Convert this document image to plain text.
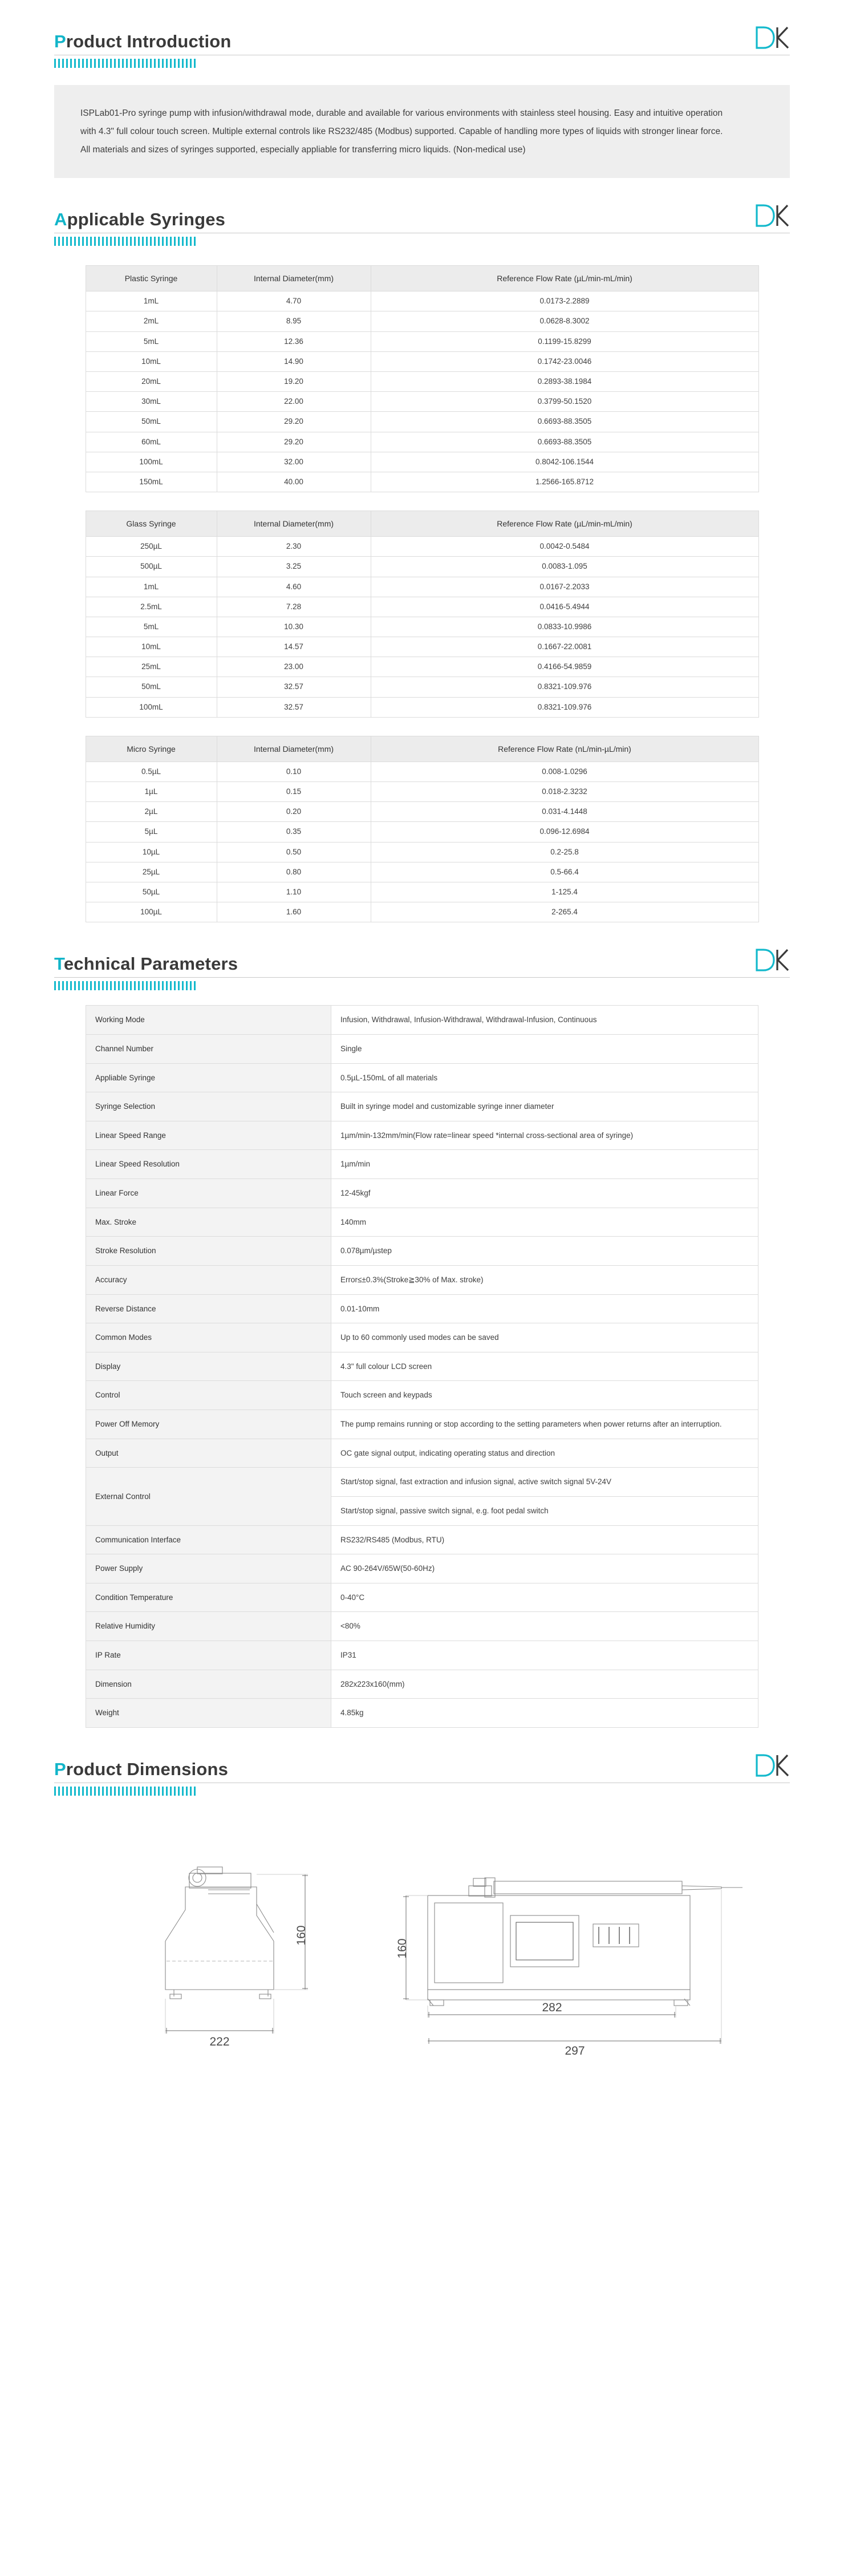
Product Introduction

ISPLab01-Pro syringe pump with infusion/withdrawal mode, durable and available for various environments with stainless steel housing. Easy and intuitive operation with 4.3" full colour touch screen. Multiple external controls like RS232/485 (Modbus) supported. Capable of handling more types of liquids with stronger linear force. All materials and sizes of syringes supported, especially appliable for transferring micro liquids. (Non-medical use)

Applicable Syringes
Plastic Syringe	Internal Diameter(mm)	Reference Flow Rate (µL/min-mL/min)
1mL	4.70	0.0173-2.2889
2mL	8.95	0.0628-8.3002
5mL	12.36	0.1199-15.8299
10mL	14.90	0.1742-23.0046
20mL	19.20	0.2893-38.1984
30mL	22.00	0.3799-50.1520
50mL	29.20	0.6693-88.3505
60mL	29.20	0.6693-88.3505
100mL	32.00	0.8042-106.1544
150mL	40.00	1.2566-165.8712
Glass Syringe	Internal Diameter(mm)	Reference Flow Rate (µL/min-mL/min)
250µL	2.30	0.0042-0.5484
500µL	3.25	0.0083-1.095
1mL	4.60	0.0167-2.2033
2.5mL	7.28	0.0416-5.4944
5mL	10.30	0.0833-10.9986
10mL	14.57	0.1667-22.0081
25mL	23.00	0.4166-54.9859
50mL	32.57	0.8321-109.976
100mL	32.57	0.8321-109.976
Micro Syringe	Internal Diameter(mm)	Reference Flow Rate (nL/min-µL/min)
0.5µL	0.10	0.008-1.0296
1µL	0.15	0.018-2.3232
2µL	0.20	0.031-4.1448
5µL	0.35	0.096-12.6984
10µL	0.50	0.2-25.8
25µL	0.80	0.5-66.4
50µL	1.10	1-125.4
100µL	1.60	2-265.4
Technical Parameters
Working Mode	Infusion, Withdrawal, Infusion-Withdrawal, Withdrawal-Infusion, Continuous
Channel Number	Single
Appliable Syringe	0.5µL-150mL of all materials
Syringe Selection	Built in syringe model and customizable syringe inner diameter
Linear Speed Range	1µm/min-132mm/min(Flow rate=linear speed *internal cross-sectional area of syringe)
Linear Speed Resolution	1µm/min
Linear Force	12-45kgf
Max. Stroke	140mm
Stroke Resolution	0.078µm/µstep
Accuracy	Error≤±0.3%(Stroke≧30% of Max. stroke)
Reverse Distance	0.01-10mm
Common Modes	Up to 60 commonly used modes can be saved
Display	4.3" full colour LCD screen
Control	Touch screen and keypads
Power Off Memory	The pump remains running or stop according to the setting parameters when power returns after an interruption.
Output	OC gate signal output, indicating operating status and direction
External Control	Start/stop signal, fast extraction and infusion signal, active switch signal 5V-24V
	Start/stop signal, passive switch signal, e.g. foot pedal switch
Communication Interface	RS232/RS485 (Modbus, RTU)
Power Supply	AC 90-264V/65W(50-60Hz)
Condition Temperature	0-40°C
Relative Humidity	<80%
IP Rate	IP31
Dimension	282x223x160(mm)
Weight	4.85kg
Product Dimensions
160
222
160
282
297
